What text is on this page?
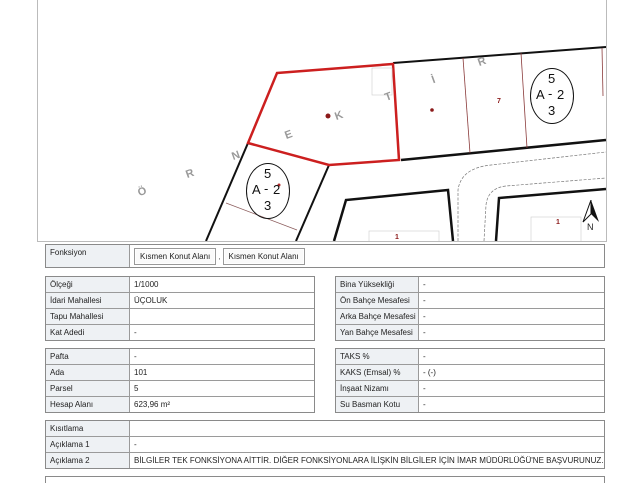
Ö
R
N
E
K
T
İ
R
5
A - 2
3
5
A - 2
3
7
1
1
N
Fonksiyon	Kısmen Konut Alanı	,	Kısmen Konut Alanı
Ölçeği	1/1000
İdari Mahallesi	ÜÇOLUK
Tapu Mahallesi
Kat Adedi	-
Bina Yüksekliği	-
Ön Bahçe Mesafesi	-
Arka Bahçe Mesafesi -
Yan Bahçe Mesafesi	-
Pafta	-
Ada	101
Parsel	5
Hesap Alanı	623,96 m²
TAKS %	-
KAKS (Emsal) %	- (-)
İnşaat Nizamı	-
Su Basman Kotu	-
Kısıtlama
Açıklama 1	-
Açıklama 2	BİLGİLER TEK FONKSİYONA AİTTİR. DİĞER FONKSİYONLARA İLİŞKİN BİLGİLER İÇİN İMAR MÜDÜRLÜĞÜ'NE BAŞVURUNUZ.
